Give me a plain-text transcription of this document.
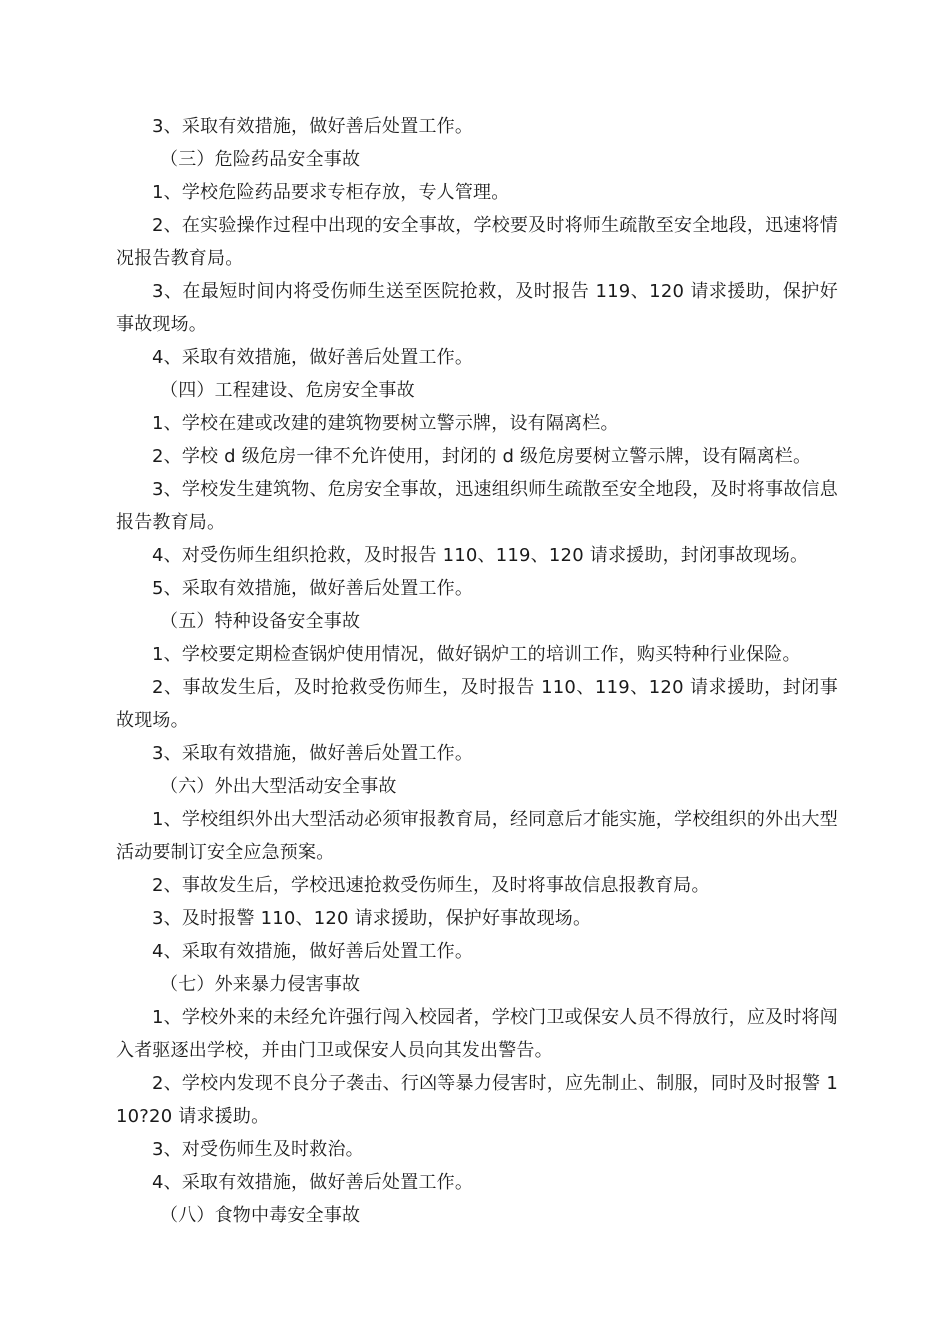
3、采取有效措施，做好善后处置工作。

（三）危险药品安全事故

1、学校危险药品要求专柜存放，专人管理。

2、在实验操作过程中出现的安全事故，学校要及时将师生疏散至安全地段，迅速将情况报告教育局。

3、在最短时间内将受伤师生送至医院抢救，及时报告 119、120 请求援助，保护好事故现场。

4、采取有效措施，做好善后处置工作。

（四）工程建设、危房安全事故

1、学校在建或改建的建筑物要树立警示牌，设有隔离栏。

2、学校 d 级危房一律不允许使用，封闭的 d 级危房要树立警示牌，设有隔离栏。

3、学校发生建筑物、危房安全事故，迅速组织师生疏散至安全地段，及时将事故信息报告教育局。

4、对受伤师生组织抢救，及时报告 110、119、120 请求援助，封闭事故现场。

5、采取有效措施，做好善后处置工作。

（五）特种设备安全事故

1、学校要定期检查锅炉使用情况，做好锅炉工的培训工作，购买特种行业保险。

2、事故发生后，及时抢救受伤师生，及时报告 110、119、120 请求援助，封闭事故现场。

3、采取有效措施，做好善后处置工作。

（六）外出大型活动安全事故

1、学校组织外出大型活动必须审报教育局，经同意后才能实施，学校组织的外出大型活动要制订安全应急预案。

2、事故发生后，学校迅速抢救受伤师生，及时将事故信息报教育局。

3、及时报警 110、120 请求援助，保护好事故现场。

4、采取有效措施，做好善后处置工作。

（七）外来暴力侵害事故

1、学校外来的未经允许强行闯入校园者，学校门卫或保安人员不得放行，应及时将闯入者驱逐出学校，并由门卫或保安人员向其发出警告。

2、学校内发现不良分子袭击、行凶等暴力侵害时，应先制止、制服，同时及时报警 110?20 请求援助。

3、对受伤师生及时救治。

4、采取有效措施，做好善后处置工作。

（八）食物中毒安全事故
